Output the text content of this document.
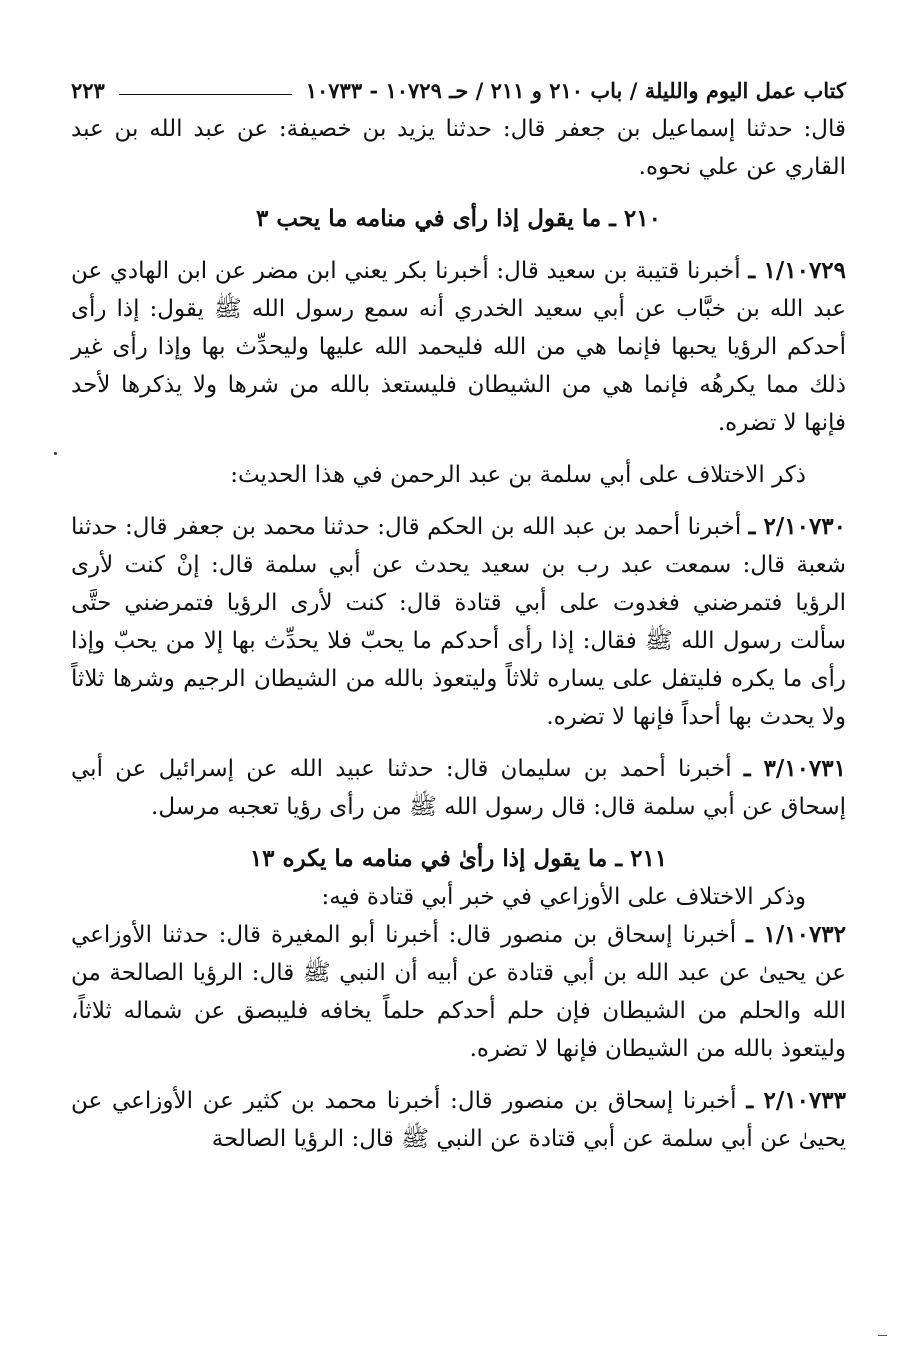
كتاب عمل اليوم والليلة / باب ٢١٠ و ٢١١ / حـ ١٠٧٢٩ - ١٠٧٣٣
٢٢٣

قال: حدثنا إسماعيل بن جعفر قال: حدثنا يزيد بن خصيفة: عن عبد الله بن عبد القاري عن علي نحوه.

٢١٠ ـ ما يقول إذا رأى في منامه ما يحب ٣

١/١٠٧٢٩ ـ أخبرنا قتيبة بن سعيد قال: أخبرنا بكر يعني ابن مضر عن ابن الهادي عن عبد الله بن خبَّاب عن أبي سعيد الخدري أنه سمع رسول الله ﷺ يقول: إذا رأى أحدكم الرؤيا يحبها فإنما هي من الله فليحمد الله عليها وليحدِّث بها وإذا رأى غير ذلك مما يكرهُه فإنما هي من الشيطان فليستعذ بالله من شرها ولا يذكرها لأحد فإنها لا تضره.

ذكر الاختلاف على أبي سلمة بن عبد الرحمن في هذا الحديث:

٢/١٠٧٣٠ ـ أخبرنا أحمد بن عبد الله بن الحكم قال: حدثنا محمد بن جعفر قال: حدثنا شعبة قال: سمعت عبد رب بن سعيد يحدث عن أبي سلمة قال: إنْ كنت لأرى الرؤيا فتمرضني فغدوت على أبي قتادة قال: كنت لأرى الرؤيا فتمرضني حتَّى سألت رسول الله ﷺ فقال: إذا رأى أحدكم ما يحبّ فلا يحدِّث بها إلا من يحبّ وإذا رأى ما يكره فليتفل على يساره ثلاثاً وليتعوذ بالله من الشيطان الرجيم وشرها ثلاثاً ولا يحدث بها أحداً فإنها لا تضره.

٣/١٠٧٣١ ـ أخبرنا أحمد بن سليمان قال: حدثنا عبيد الله عن إسرائيل عن أبي إسحاق عن أبي سلمة قال: قال رسول الله ﷺ من رأى رؤيا تعجبه مرسل.

٢١١ ـ ما يقول إذا رأىٰ في منامه ما يكره ١٣

وذكر الاختلاف على الأوزاعي في خبر أبي قتادة فيه:

١/١٠٧٣٢ ـ أخبرنا إسحاق بن منصور قال: أخبرنا أبو المغيرة قال: حدثنا الأوزاعي عن يحيىٰ عن عبد الله بن أبي قتادة عن أبيه أن النبي ﷺ قال: الرؤيا الصالحة من الله والحلم من الشيطان فإن حلم أحدكم حلماً يخافه فليبصق عن شماله ثلاثاً، وليتعوذ بالله من الشيطان فإنها لا تضره.

٢/١٠٧٣٣ ـ أخبرنا إسحاق بن منصور قال: أخبرنا محمد بن كثير عن الأوزاعي عن يحيىٰ عن أبي سلمة عن أبي قتادة عن النبي ﷺ قال: الرؤيا الصالحة
